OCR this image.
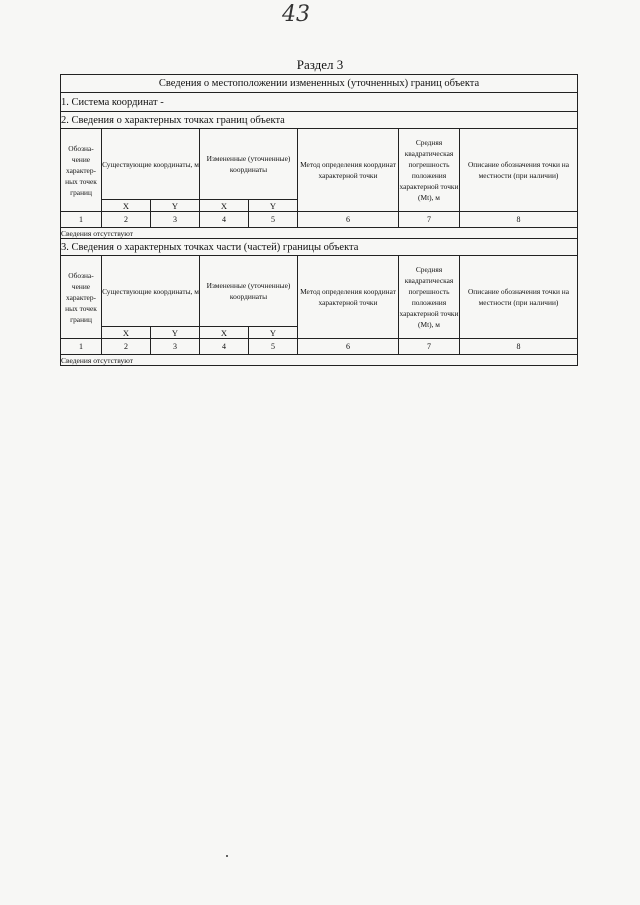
43
Раздел 3
Сведения о местоположении измененных (уточненных) границ объекта							
1. Система координат -							
2. Сведения о характерных точках границ объекта							
Обозна-чение характер-ных точек границ	Существующие координаты, м		Измененные (уточненные) координаты		Метод определения координат характерной точки	Средняя квадратическая погрешность положения характерной точки (Mt), м	Описание обозначения точки на местности (при наличии)
	X	Y	X	Y			
1	2	3	4	5	6	7	8
Сведения отсутствуют							
3. Сведения о характерных точках части (частей) границы объекта							
Обозна-чение характер-ных точек границ	Существующие координаты, м		Измененные (уточненные) координаты		Метод определения координат характерной точки	Средняя квадратическая погрешность положения характерной точки (Mt), м	Описание обозначения точки на местности (при наличии)
	X	Y	X	Y			
1	2	3	4	5	6	7	8
Сведения отсутствуют							
